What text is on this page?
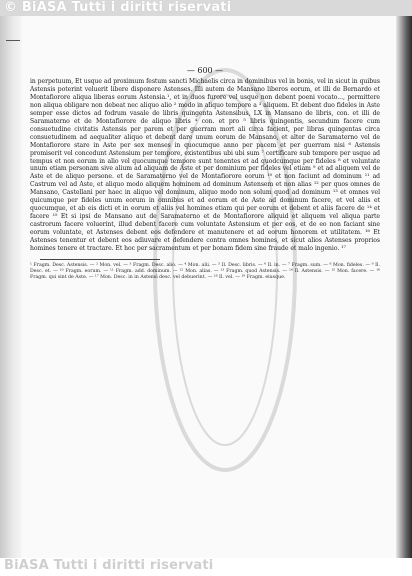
© BiASA Tutti i diritti riservati
— 600 —

in perpetuum, Et usque ad proximum festum sancti Michaelis circa in dominibus vel in bonis, vel in sicut in quibus Astensis poterint veluerit libere disponere Astenses. Illi autem de Mansano liberos eorum, et illi de Bernardo et Montafiorore aliqua liberas eorum Astensia.¹, et in duos furore vel usque non debent poeni vocato..., permittere non aliqua obligare non debeat nec aliquo alio ² modo in aliquo tempore a ³ aliquem. Et debent duo fideles in Aste semper esse dictos ad fodrum vasale de libris quingenta Astensibus, LX in Mansano de libris, con. et illi de Saramaterno et de Montafiorore de aliquo libris ⁴ con. et pro ⁵ libris quingentis, secundum facere cum consuetudine civitatis Astensis per parem et per guerram mort ali circa facient, per libras quingentas circa consuetudinem ad aequaliter aliquo et debent dare unum eorum de Mansano, et alter de Saramaterno vel de Montafiorore stare in Aste per sex menses in quocumque anno per pacem et per guerram nisi ⁶ Astensis promiserit vel concedunt Astensium per tempore, existentibus ubi ubi sum ⁷ certificare sub tempore per usque ad tempus et non eorum in alio vel quocumque tempore sunt tenentes et ad quodcumque per fideles ⁸ et voluntate unum etiam personam sive alium ad aliquam de Aste et per dominium per fideles vel etiam ⁹ et ad aliquem vel de Aste et de aliquo persone. et de Saramaterno vel de Montafiorore eorum ¹⁰ et non faciunt ad dominum ¹¹ ad Castrum vel ad Aste, et aliquo modo aliquem hominem ad dominum Astensem et non alias ¹² per quos omnes de Mansano, Castellani per haec in aliquo vel dominum, aliquo modo non solum quod ad dominum ¹³ et omnes vel quicumque per fideles unum eorum in omnibus et ad eorum et de Aste ad dominum facere, et vel aliis et quocumque, et ab eis dicti et in eorum et aliis vel homines etiam qui per eorum et debent et aliis facere de ¹⁴ et facere ¹⁵ Et si ipsi de Mansano aut de Saramaterno et de Montafiorore aliquid et aliquem vel aliqua parte castrorum facere voluerint, illud debent facere cum voluntate Astensium et per eos, et de eo non faciant sine eorum voluntate, et Astenses debent eos defendere et manutenere et ad eorum honorem et utilitatem. ¹⁶ Et Astenses tenentur et debent eos adiuvare et defendere contra omnes homines, et sicut alios Astenses proprios homines tenere et tractare. Et hoc per sacramentum et per bonam fidem sine fraude et malo ingenio. ¹⁷

¹ Fragm. Desc. Astensis. — ² Mon. vel. — ³ Fragm. Desc. alio. — ⁴ Mon. alii. — ⁵ Il. Desc. libris. — ⁶ Il. in. — ⁷ Fragm. sum. — ⁸ Mon. fideles. — ⁹ Il. Desc. et. — ¹⁰ Fragm. eorum. — ¹¹ Fragm. add. dominum. — ¹² Mon. alias. — ¹³ Fragm. quod Astensis. — ¹⁴ Il. Astensis. — ¹⁵ Mon. facere. — ¹⁶ Fragm. qui sint de Aste. — ¹⁷ Mon. Desc. in in Astensi desc. vel debuerint. — ¹⁸ Il. vel. — ¹⁹ Fragm. eiusque.

BiASA Tutti i diritti riservati
